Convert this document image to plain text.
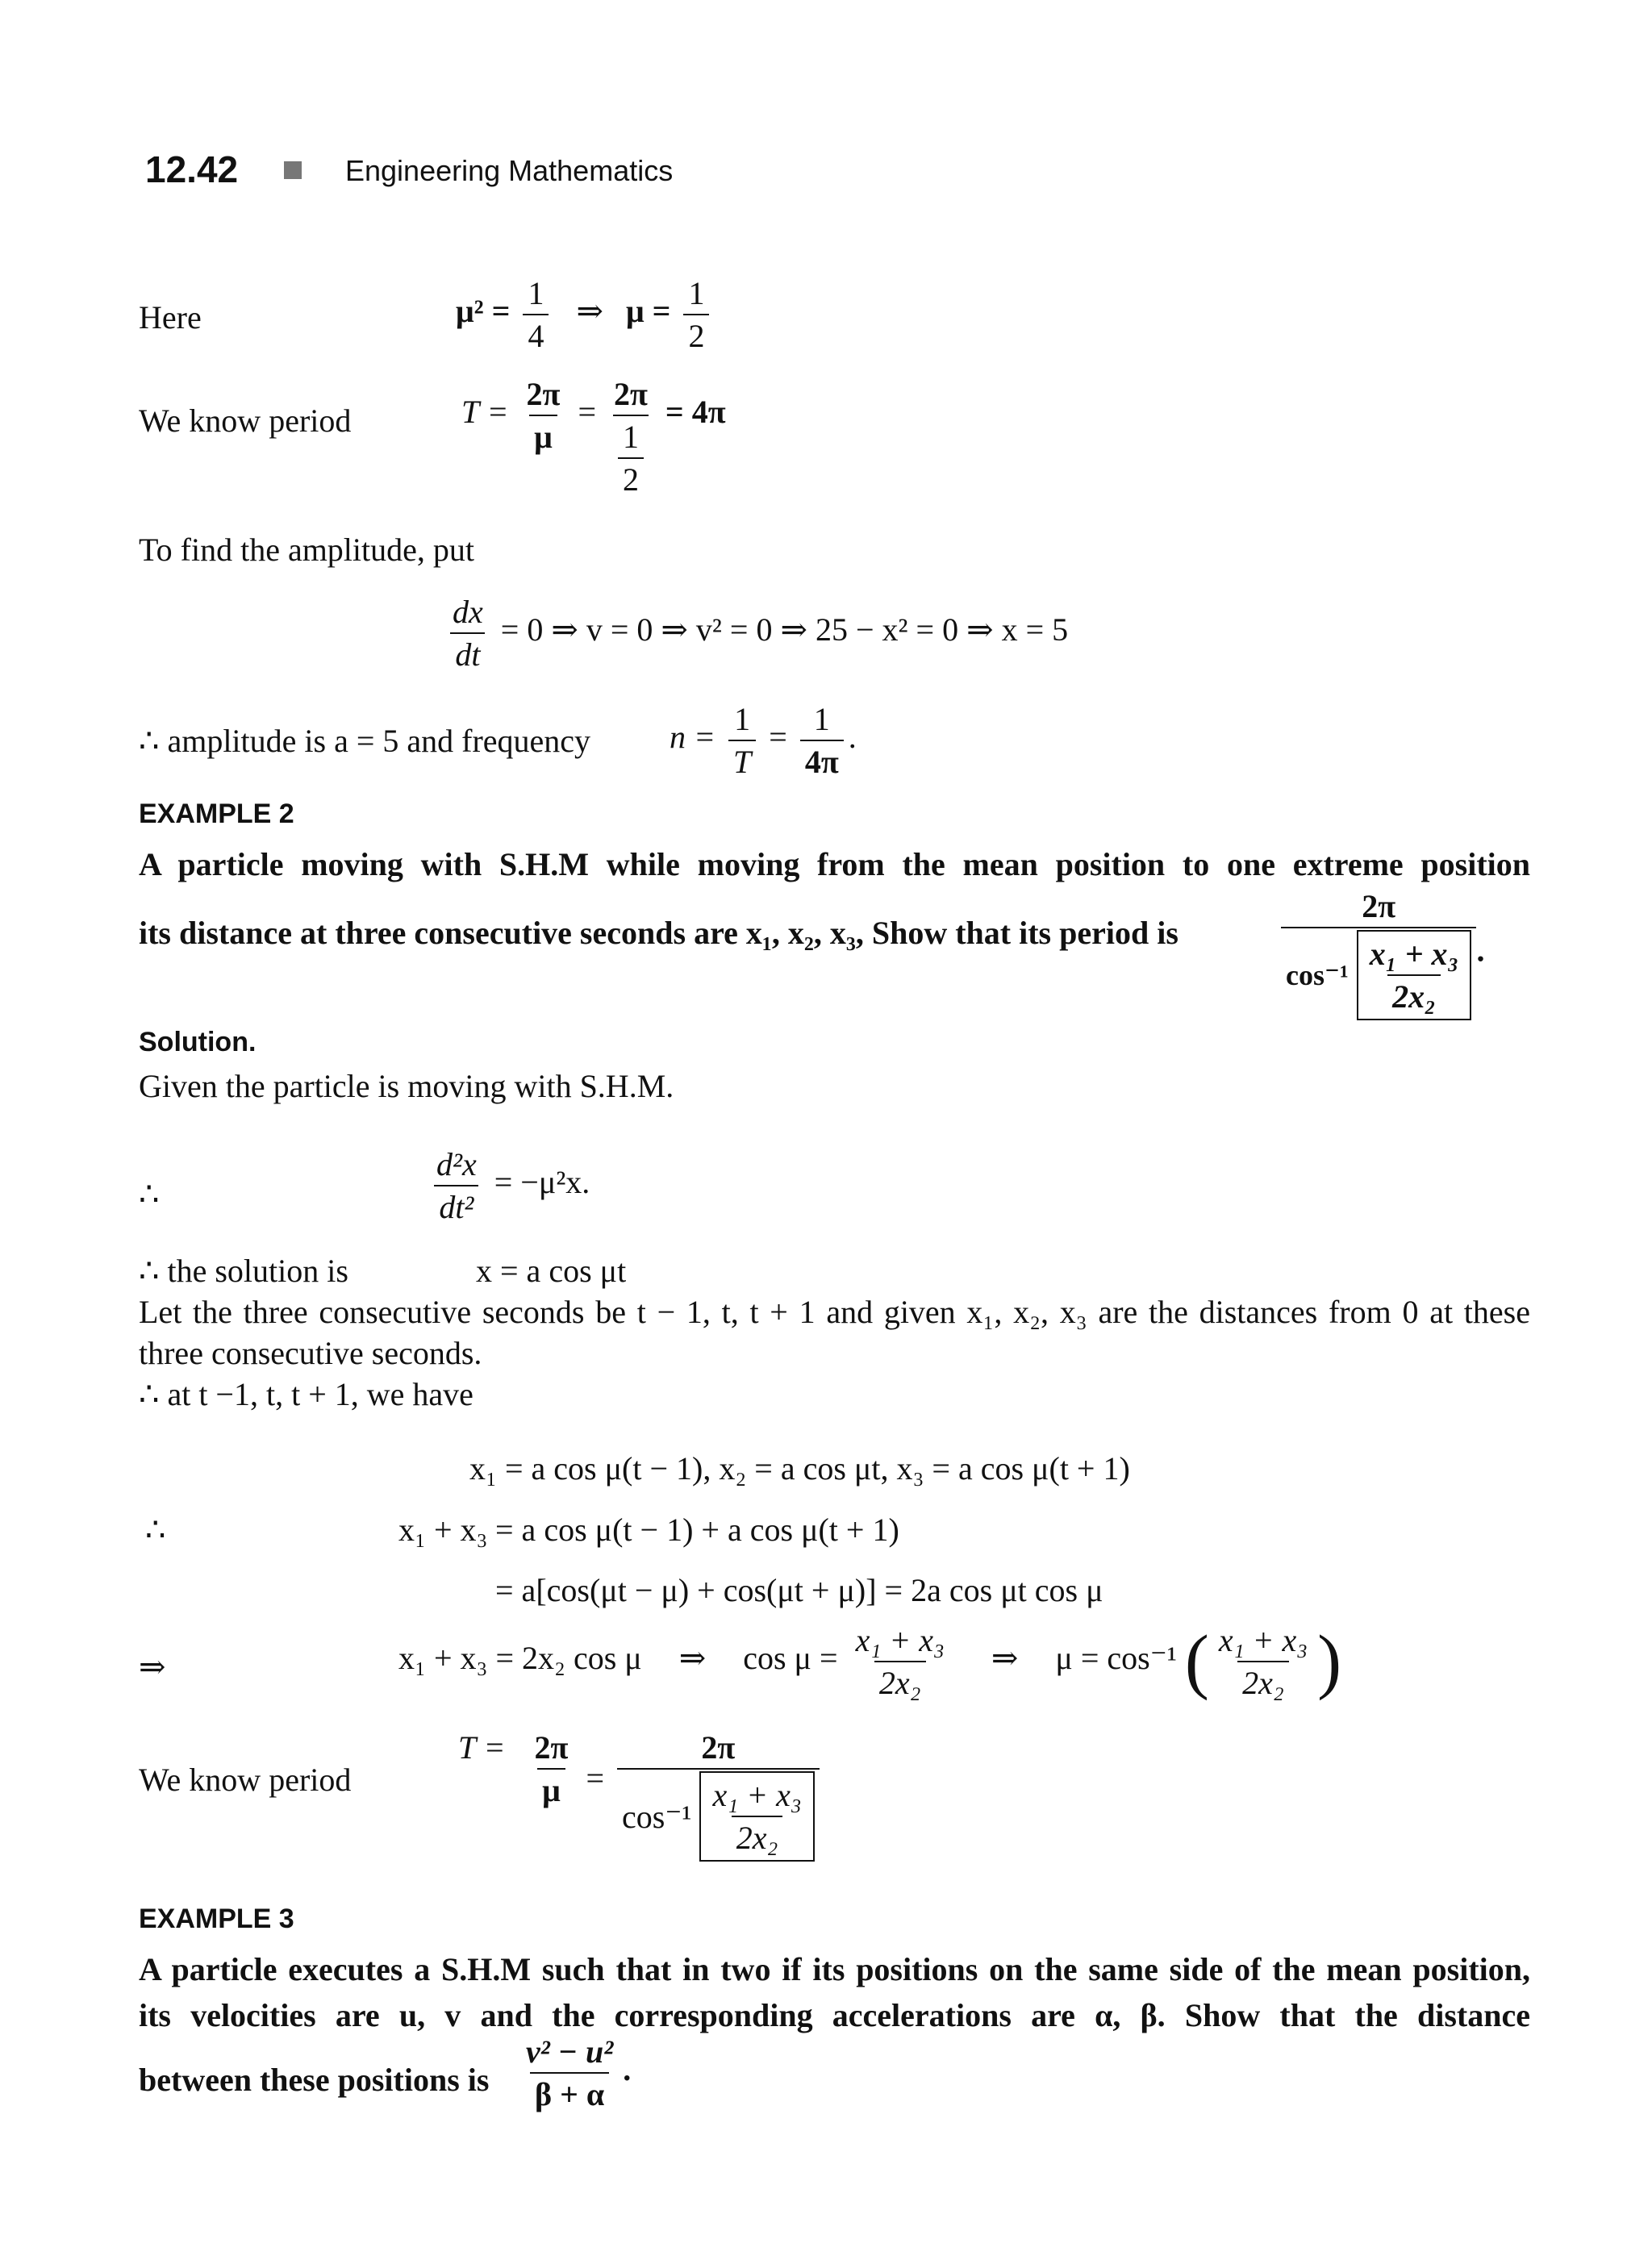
12.42	Engineering Mathematics
Here	$\mu^2 = \frac{1}{4}$ ⇒ $\mu = \frac{1}{2}$
We know period	$T = \frac{2\pi}{\mu} = \frac{2\pi}{\frac{1}{2}} = 4\pi$
To find the amplitude, put
$\frac{dx}{dt} = 0$ ⇒ v = 0 ⇒ v² = 0 ⇒ 25 − x² = 0 ⇒ x = 5
∴ amplitude is a = 5 and frequency $n = \frac{1}{T} = \frac{1}{4\pi}$ .
EXAMPLE 2
A particle moving with S.H.M while moving from the mean position to one extreme position
its distance at three consecutive seconds are x₁, x₂, x₃, Show that its period is	$\frac{2\pi}{\cos^{-1} \frac{\text{x₁ + x₃}}{\text{2x₂}}}$ .
Solution.
Given the particle is moving with S.H.M.
∴	$\frac{\text{d²x}}{\text{dt²}} = -\mu^2x$.
∴ the solution is	x = a cos μt
Let the three consecutive seconds be t − 1, t, t + 1 and given x₁, x₂, x₃ are the distances from 0 at these
three consecutive seconds.
∴ at t −1, t, t + 1, we have
x₁ = a cos μ(t − 1), x₂ = a cos μt, x₃ = a cos μ(t + 1)
∴	x₁ + x₃ = a cos μ(t − 1) + a cos μ(t + 1)
= a[cos(μt − μ) + cos(μt + μ)] = 2a cos μt cos μ
⇒	x₁ + x₃ = 2x₂ cos μ ⇒ $\cos \mu = \frac{\text{x₁ + x₃}}{\text{2x₂}}$ ⇒ μ = cos⁻¹ ( $\frac{\text{x₁ + x₃}}{\text{2x₂}}$ )
We know period
$T = \frac{2\pi}{\mu} = \frac{2\pi}{\cos^{-1} \frac{\text{x₁ + x₃}}{\text{2x₂}}}$
EXAMPLE 3
A particle executes a S.H.M such that in two if its positions on the same side of the mean position,
its velocities are u, v and the corresponding accelerations are α, β. Show that the distance
between these positions is $\frac{\text{v² − u²}}{\beta + \alpha}$ .
